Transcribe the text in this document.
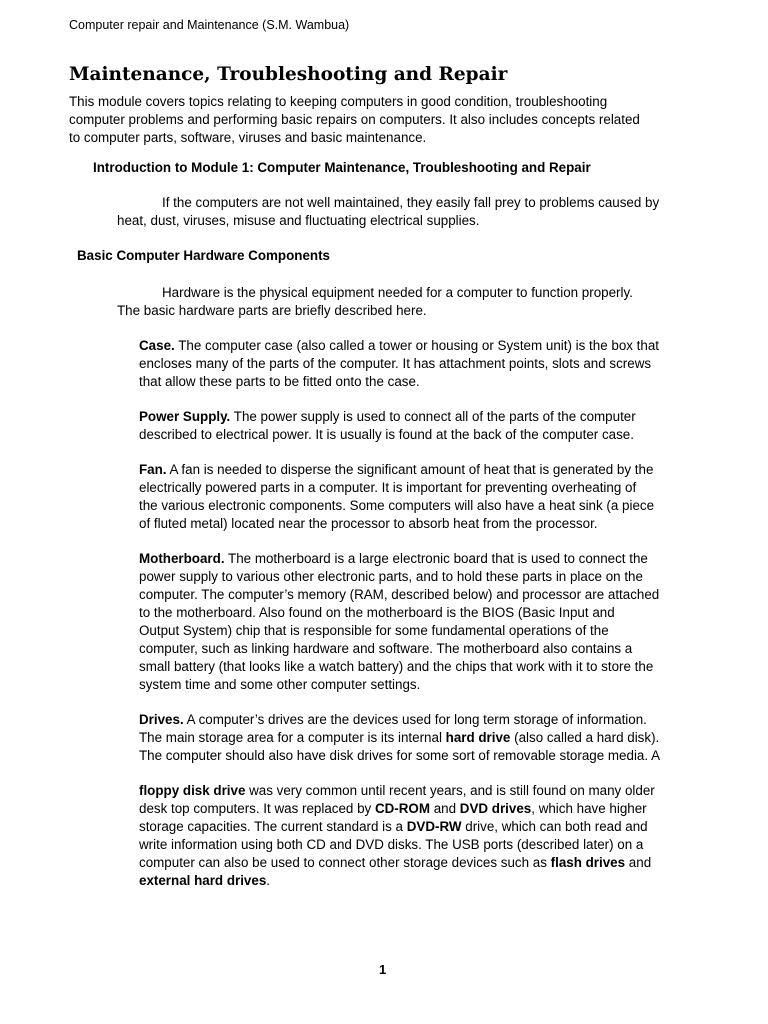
Computer repair and Maintenance (S.M. Wambua)
Maintenance, Troubleshooting and Repair
This module covers topics relating to keeping computers in good condition, troubleshooting
computer problems and performing basic repairs on computers. It also includes concepts related
to computer parts, software, viruses and basic maintenance.
Introduction to Module 1: Computer Maintenance, Troubleshooting and Repair
If the computers are not well maintained, they easily fall prey to problems caused by
heat, dust, viruses, misuse and fluctuating electrical supplies.
Basic Computer Hardware Components
Hardware is the physical equipment needed for a computer to function properly.
The basic hardware parts are briefly described here.
Case. The computer case (also called a tower or housing or System unit) is the box that
encloses many of the parts of the computer. It has attachment points, slots and screws
that allow these parts to be fitted onto the case.
Power Supply. The power supply is used to connect all of the parts of the computer
described to electrical power. It is usually is found at the back of the computer case.
Fan. A fan is needed to disperse the significant amount of heat that is generated by the
electrically powered parts in a computer. It is important for preventing overheating of
the various electronic components. Some computers will also have a heat sink (a piece
of fluted metal) located near the processor to absorb heat from the processor.
Motherboard. The motherboard is a large electronic board that is used to connect the
power supply to various other electronic parts, and to hold these parts in place on the
computer. The computer’s memory (RAM, described below) and processor are attached
to the motherboard. Also found on the motherboard is the BIOS (Basic Input and
Output System) chip that is responsible for some fundamental operations of the
computer, such as linking hardware and software. The motherboard also contains a
small battery (that looks like a watch battery) and the chips that work with it to store the
system time and some other computer settings.
Drives. A computer’s drives are the devices used for long term storage of information.
The main storage area for a computer is its internal hard drive (also called a hard disk).
The computer should also have disk drives for some sort of removable storage media. A
floppy disk drive was very common until recent years, and is still found on many older
desk top computers. It was replaced by CD-ROM and DVD drives, which have higher
storage capacities. The current standard is a DVD-RW drive, which can both read and
write information using both CD and DVD disks. The USB ports (described later) on a
computer can also be used to connect other storage devices such as flash drives and
external hard drives.
1
